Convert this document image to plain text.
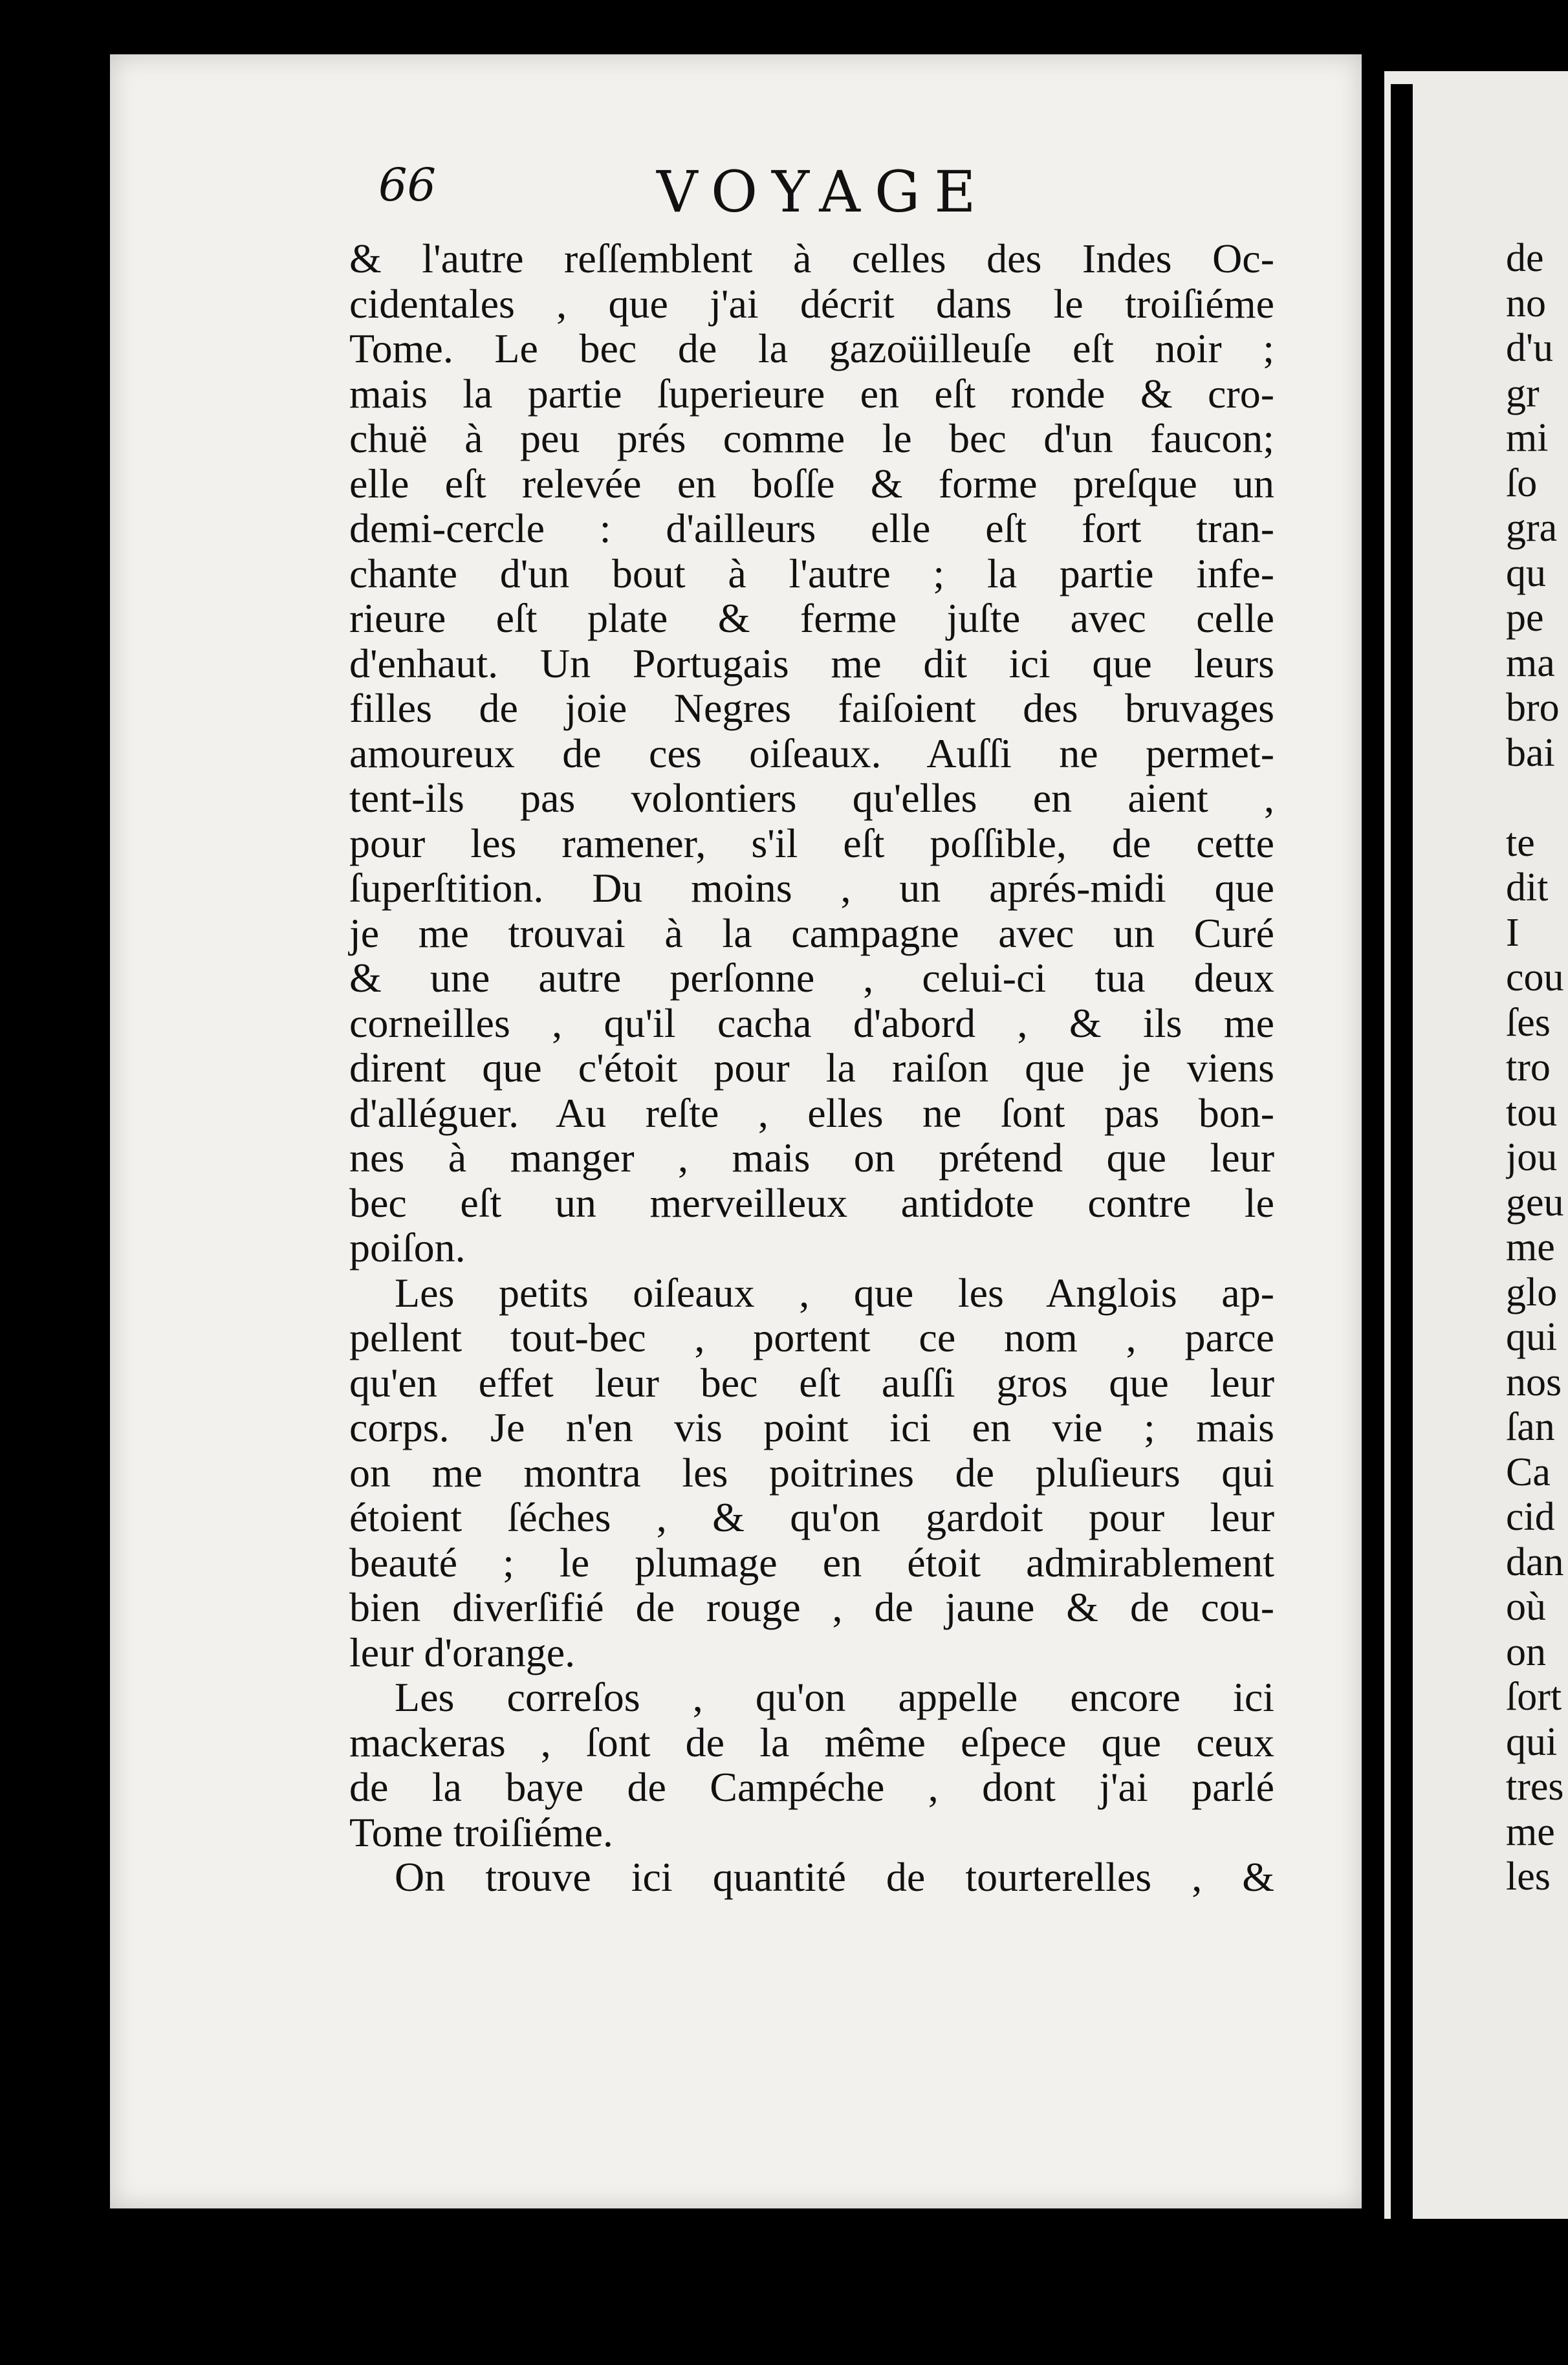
66	VOYAGE
& l'autre reſſemblent à celles des Indes Oc-
cidentales , que j'ai décrit dans le troiſiéme
Tome. Le bec de la gazoüilleuſe eſt noir ;
mais la partie ſuperieure en eſt ronde & cro-
chuë à peu prés comme le bec d'un faucon;
elle eſt relevée en boſſe & forme preſque un
demi-cercle : d'ailleurs elle eſt fort tran-
chante d'un bout à l'autre ; la partie infe-
rieure eſt plate & ferme juſte avec celle
d'enhaut. Un Portugais me dit ici que leurs
filles de joie Negres faiſoient des bruvages
amoureux de ces oiſeaux. Auſſi ne permet-
tent-ils pas volontiers qu'elles en aient ,
pour les ramener, s'il eſt poſſible, de cette
ſuperſtition. Du moins , un aprés-midi que
je me trouvai à la campagne avec un Curé
& une autre perſonne , celui-ci tua deux
corneilles , qu'il cacha d'abord , & ils me
dirent que c'étoit pour la raiſon que je viens
d'alléguer. Au reſte , elles ne ſont pas bon-
nes à manger , mais on prétend que leur
bec eſt un merveilleux antidote contre le
poiſon.
Les petits oiſeaux , que les Anglois ap-
pellent tout-bec , portent ce nom , parce
qu'en effet leur bec eſt auſſi gros que leur
corps. Je n'en vis point ici en vie ; mais
on me montra les poitrines de pluſieurs qui
étoient ſéches , & qu'on gardoit pour leur
beauté ; le plumage en étoit admirablement
bien diverſifié de rouge , de jaune & de cou-
leur d'orange.
Les correſos , qu'on appelle encore ici
mackeras , ſont de la même eſpece que ceux
de la baye de Campéche , dont j'ai parlé
Tome troiſiéme.
On trouve ici quantité de tourterelles , &
de
no
d'u
gr
mi
ſo
gra
qu
pe
ma
bro
bai
te
dit
I
cou
ſes
tro
tou
jou
geu
me
glo
qui
nos
ſan
Ca
cid
dan
où
on
ſort
qui
tres
me
les
